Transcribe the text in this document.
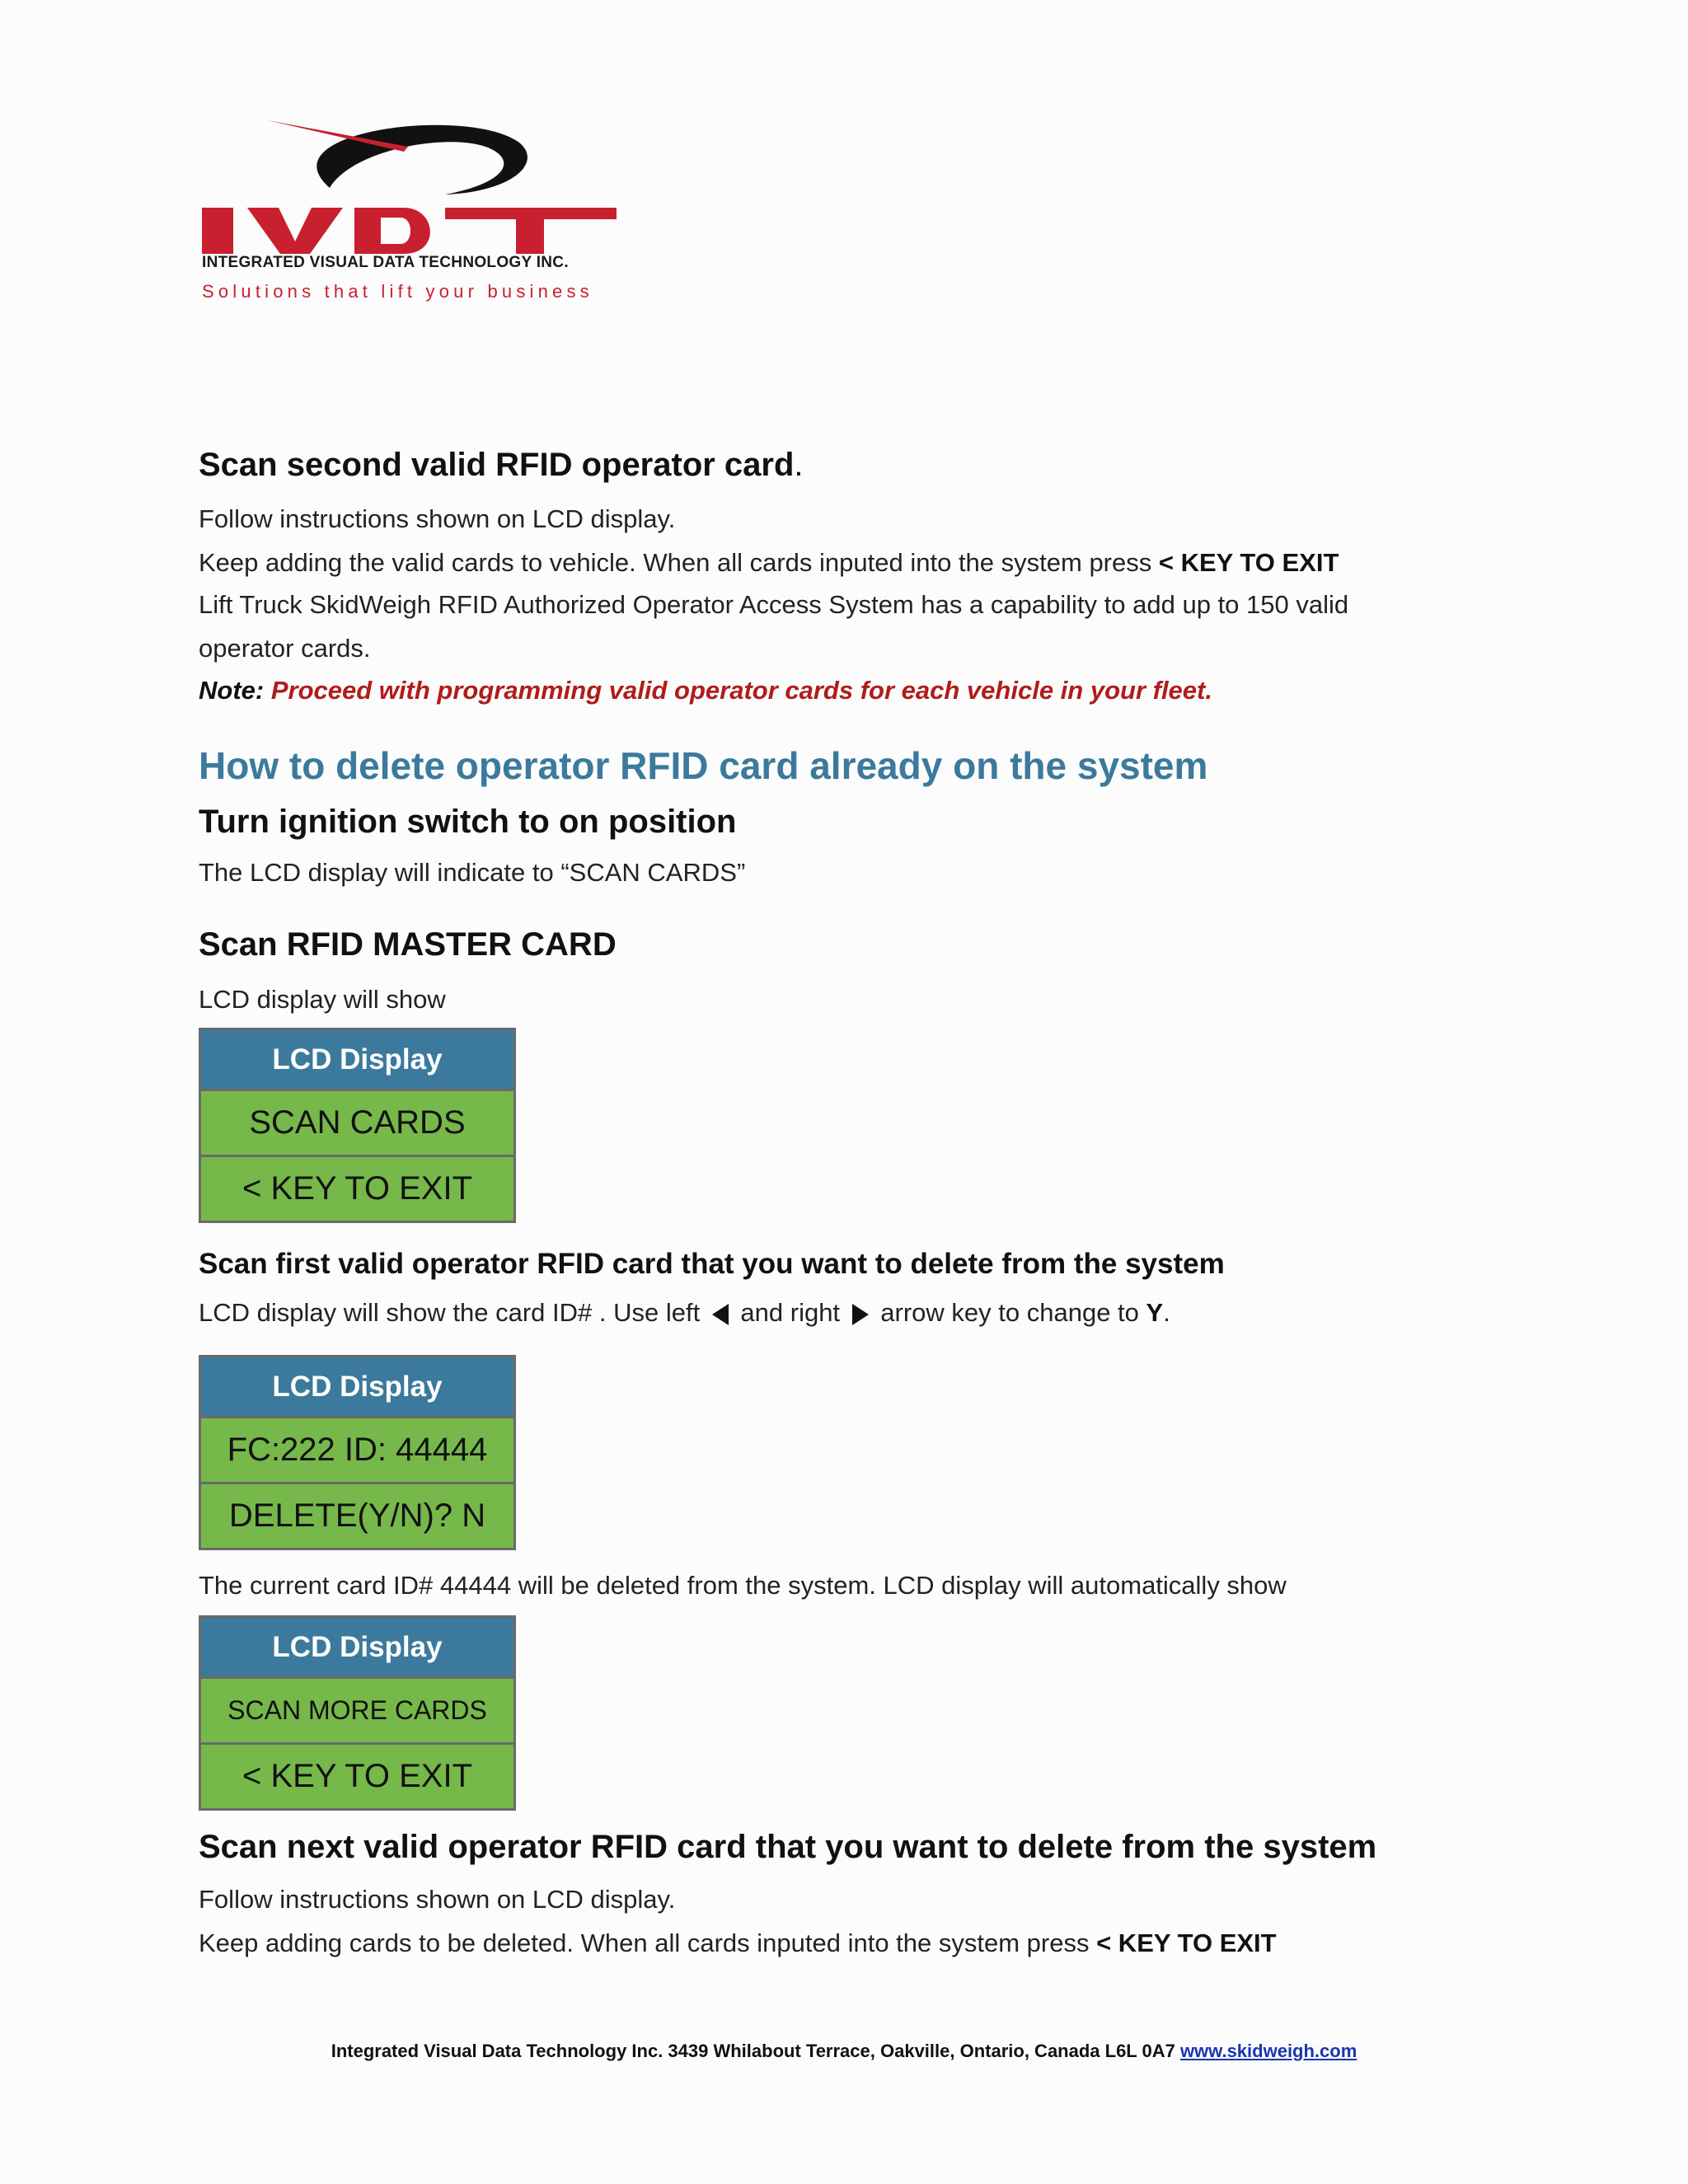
INTEGRATED VISUAL DATA TECHNOLOGY INC.
Solutions that lift your business
Scan second valid RFID operator card.
Follow instructions shown on LCD display.
Keep adding the valid cards to vehicle. When all cards inputed into the system press < KEY TO EXIT
Lift Truck SkidWeigh RFID Authorized Operator Access System has a capability to add up to 150 valid
operator cards.
Note: Proceed with programming valid operator cards for each vehicle in your fleet.
How to delete operator RFID card already on the system
Turn ignition switch to on position
The LCD display will indicate to “SCAN CARDS”
Scan RFID MASTER CARD
LCD display will show
LCD Display
SCAN CARDS
< KEY TO EXIT
Scan first valid operator RFID card that you want to delete from the system
LCD display will show the card ID# . Use left  and right  arrow key to change to Y.
LCD Display
FC:222 ID: 44444
DELETE(Y/N)? N
The current card ID# 44444 will be deleted from the system. LCD display will automatically show
LCD Display
SCAN MORE CARDS
< KEY TO EXIT
Scan next valid operator RFID card that you want to delete from the system
Follow instructions shown on LCD display.
Keep adding cards to be deleted. When all cards inputed into the system press < KEY TO EXIT
Integrated Visual Data Technology Inc. 3439 Whilabout Terrace, Oakville, Ontario, Canada L6L 0A7 www.skidweigh.com
